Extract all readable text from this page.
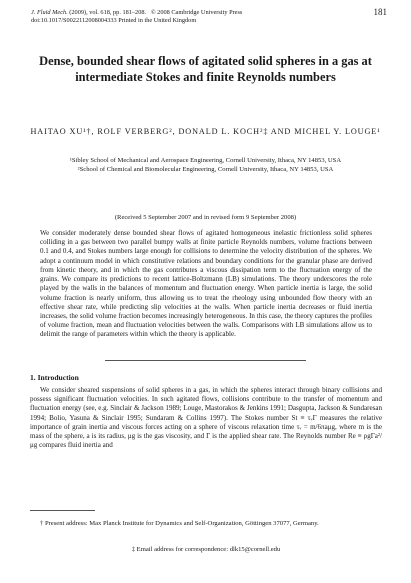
J. Fluid Mech. (2009), vol. 618, pp. 181–208. © 2008 Cambridge University Press
doi:10.1017/S0022112008004333 Printed in the United Kingdom
181
Dense, bounded shear flows of agitated solid spheres in a gas at intermediate Stokes and finite Reynolds numbers
HAITAO XU¹†, ROLF VERBERG², DONALD L. KOCH²‡ AND MICHEL Y. LOUGE¹
¹Sibley School of Mechanical and Aerospace Engineering, Cornell University, Ithaca, NY 14853, USA
²School of Chemical and Biomolecular Engineering, Cornell University, Ithaca, NY 14853, USA
(Received 5 September 2007 and in revised form 9 September 2008)
We consider moderately dense bounded shear flows of agitated homogeneous inelastic frictionless solid spheres colliding in a gas between two parallel bumpy walls at finite particle Reynolds numbers, volume fractions between 0.1 and 0.4, and Stokes numbers large enough for collisions to determine the velocity distribution of the spheres. We adopt a continuum model in which constitutive relations and boundary conditions for the granular phase are derived from kinetic theory, and in which the gas contributes a viscous dissipation term to the fluctuation energy of the grains. We compare its predictions to recent lattice-Boltzmann (LB) simulations. The theory underscores the role played by the walls in the balances of momentum and fluctuation energy. When particle inertia is large, the solid volume fraction is nearly uniform, thus allowing us to treat the rheology using unbounded flow theory with an effective shear rate, while predicting slip velocities at the walls. When particle inertia decreases or fluid inertia increases, the solid volume fraction becomes increasingly heterogeneous. In this case, the theory captures the profiles of volume fraction, mean and fluctuation velocities between the walls. Comparisons with LB simulations allow us to delimit the range of parameters within which the theory is applicable.
1. Introduction
We consider sheared suspensions of solid spheres in a gas, in which the spheres interact through binary collisions and possess significant fluctuation velocities. In such agitated flows, collisions contribute to the transfer of momentum and fluctuation energy (see, e.g. Sinclair & Jackson 1989; Louge, Mastorakos & Jenkins 1991; Dasgupta, Jackson & Sundaresan 1994; Bolio, Yasuna & Sinclair 1995; Sundaram & Collins 1997). The Stokes number St ≡ τᵥΓ measures the relative importance of grain inertia and viscous forces acting on a sphere of viscous relaxation time τᵥ = m/6πaμg, where m is the mass of the sphere, a is its radius, μg is the gas viscosity, and Γ is the applied shear rate. The Reynolds number Re ≡ ρgΓa²/μg compares fluid inertia and
† Present address: Max Planck Institute for Dynamics and Self-Organization, Göttingen 37077, Germany.
‡ Email address for correspondence: dlk15@cornell.edu
